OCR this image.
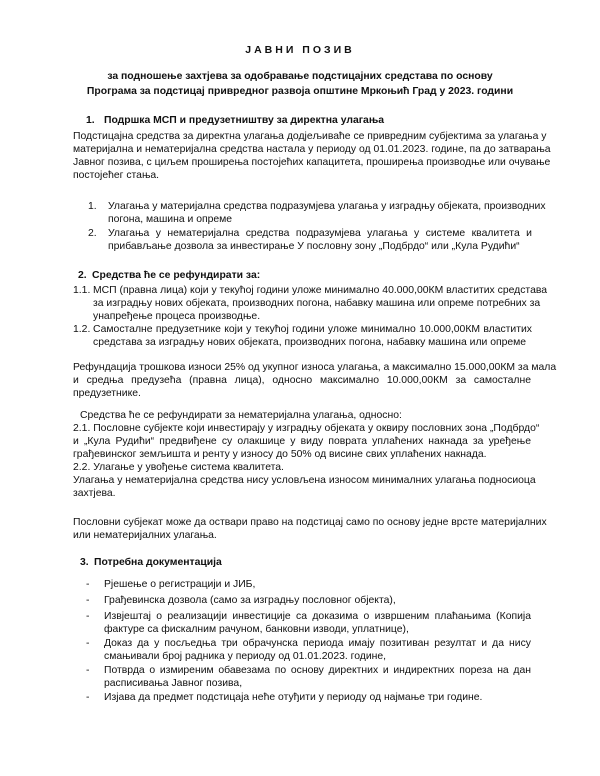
ЈАВНИ ПОЗИВ
за подношење захтјева за одобравање подстицајних средстава по основу
Програма за подстицај привредног развоја општине Мркоњић Град у 2023. години
1. Подршка МСП и предузетништву за директна улагања
Подстицајна средства за директна улагања додјељиваће се привредним субјектима за улагања у
материјална и нематеријална средства настала у периоду од 01.01.2023. године, па до затварања
Јавног позива, с циљем проширења постојећих капацитета, проширења производње или очување
постојећег стања.
1. Улагања у материјална средства подразумјева улагања у изградњу објеката, производних
погона, машина и опреме
2. Улагања у нематеријална средства подразумјева улагања у системе квалитета и
прибављање дозвола за инвестирање У пословну зону „Подбрдо“ или „Кула Рудићи“
2. Средства ће се рефундирати за:
1.1. МСП (правна лица) који у текућој години уложе минимално 40.000,00КМ властитих средстава
за изградњу нових објеката, производних погона, набавку машина или опреме потребних за
унапређење процеса производње.
1.2. Самосталне предузетнике који у текућој години уложе минимално 10.000,00КМ властитих
средстава за изградњу нових објеката, производних погона, набавку машина или опреме
Рефундација трошкова износи 25% од укупног износа улагања, а максимално 15.000,00КМ за мала
и средња предузећа (правна лица), односно максимално 10.000,00КМ за самосталне
предузетнике.
Средства ће се рефундирати за нематеријална улагања, односно:
2.1. Пословне субјекте који инвестирају у изградњу објеката у оквиру пословних зона „Подбрдо“
и „Кула Рудићи“ предвиђене су олакшице у виду поврата уплаћених накнада за уређење
грађевинског земљишта и ренту у износу до 50% од висине свих уплаћених накнада.
2.2. Улагање у увођење система квалитета.
Улагања у нематеријална средства нису условљена износом минималних улагања подносиоца
захтјева.
Пословни субјекат може да оствари право на подстицај само по основу једне врсте материјалних
или нематеријалних улагања.
3. Потребна документација
- Рјешење о регистрацији и ЈИБ,
- Грађевинска дозвола (само за изградњу пословног објекта),
- Извјештај о реализацији инвестиције са доказима о извршеним плаћањима (Копија
фактуре са фискалним рачуном, банковни изводи, уплатнице),
- Доказ да у посљедња три обрачунска периода имају позитиван резултат и да нису
смањивали број радника у периоду од 01.01.2023. године,
- Потврда о измиреним обавезама по основу директних и индиректних пореза на дан
расписивања Јавног позива,
- Изјава да предмет подстицаја неће отуђити у периоду од најмање три године.
